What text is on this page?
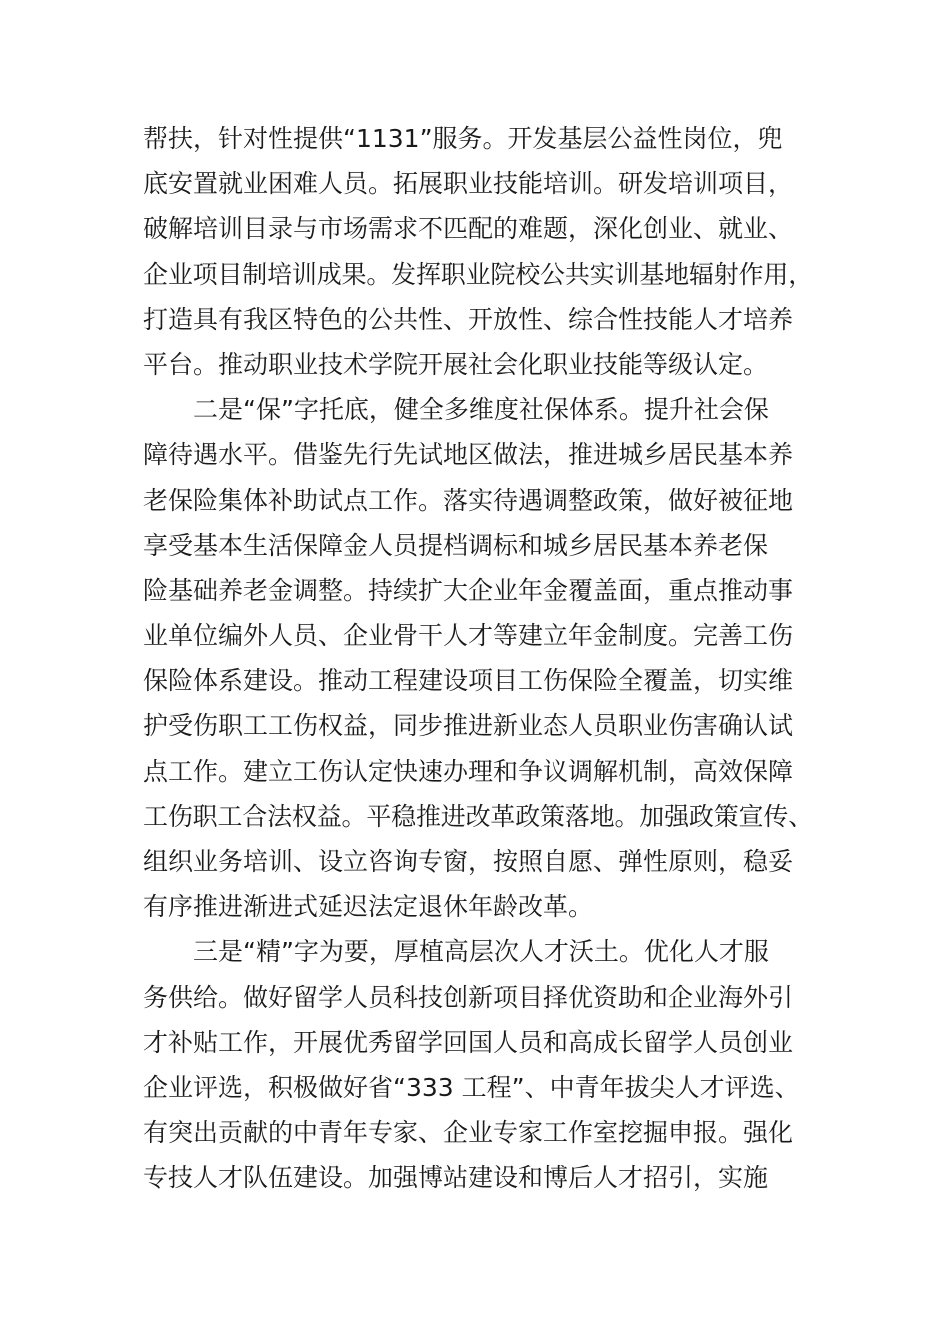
帮扶，针对性提供“1131”服务。开发基层公益性岗位，兜
底安置就业困难人员。拓展职业技能培训。研发培训项目，
破解培训目录与市场需求不匹配的难题，深化创业、就业、
企业项目制培训成果。发挥职业院校公共实训基地辐射作用，
打造具有我区特色的公共性、开放性、综合性技能人才培养
平台。推动职业技术学院开展社会化职业技能等级认定。
二是“保”字托底，健全多维度社保体系。提升社会保
障待遇水平。借鉴先行先试地区做法，推进城乡居民基本养
老保险集体补助试点工作。落实待遇调整政策，做好被征地
享受基本生活保障金人员提档调标和城乡居民基本养老保
险基础养老金调整。持续扩大企业年金覆盖面，重点推动事
业单位编外人员、企业骨干人才等建立年金制度。完善工伤
保险体系建设。推动工程建设项目工伤保险全覆盖，切实维
护受伤职工工伤权益，同步推进新业态人员职业伤害确认试
点工作。建立工伤认定快速办理和争议调解机制，高效保障
工伤职工合法权益。平稳推进改革政策落地。加强政策宣传、
组织业务培训、设立咨询专窗，按照自愿、弹性原则，稳妥
有序推进渐进式延迟法定退休年龄改革。
三是“精”字为要，厚植高层次人才沃土。优化人才服
务供给。做好留学人员科技创新项目择优资助和企业海外引
才补贴工作，开展优秀留学回国人员和高成长留学人员创业
企业评选，积极做好省“333 工程”、中青年拔尖人才评选、
有突出贡献的中青年专家、企业专家工作室挖掘申报。强化
专技人才队伍建设。加强博站建设和博后人才招引，实施
